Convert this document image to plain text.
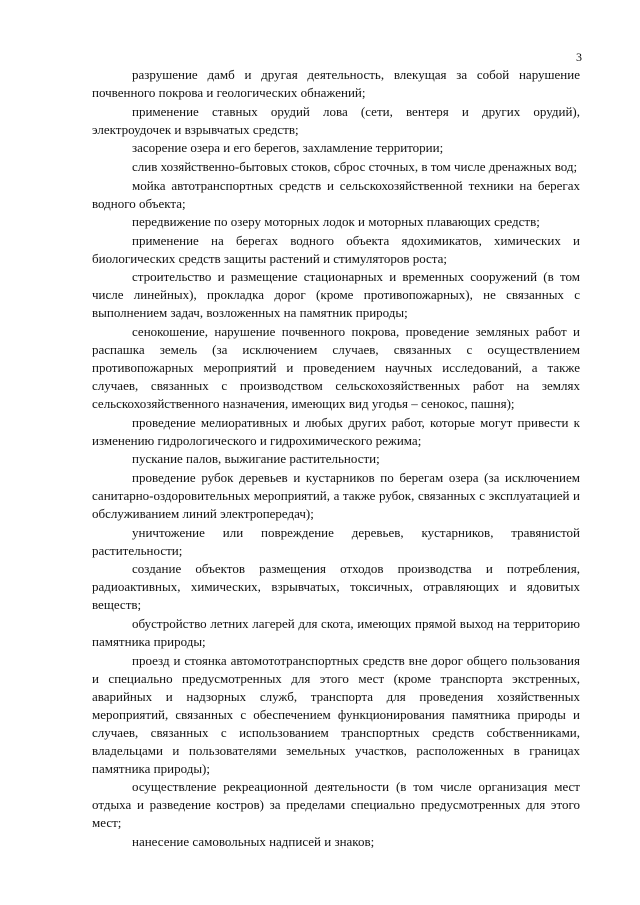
3

разрушение дамб и другая деятельность, влекущая за собой нарушение почвенного покрова и геологических обнажений;

применение ставных орудий лова (сети, вентеря и других орудий), электроудочек и взрывчатых средств;

засорение озера и его берегов, захламление территории;

слив хозяйственно-бытовых стоков, сброс сточных, в том числе дренажных вод;

мойка автотранспортных средств и сельскохозяйственной техники на берегах водного объекта;

передвижение по озеру моторных лодок и моторных плавающих средств;

применение на берегах водного объекта ядохимикатов, химических и биологических средств защиты растений и стимуляторов роста;

строительство и размещение стационарных и временных сооружений (в том числе линейных), прокладка дорог (кроме противопожарных), не связанных с выполнением задач, возложенных на памятник природы;

сенокошение, нарушение почвенного покрова, проведение земляных работ и распашка земель (за исключением случаев, связанных с осуществлением противопожарных мероприятий и проведением научных исследований, а также случаев, связанных с производством сельскохозяйственных работ на землях сельскохозяйственного назначения, имеющих вид угодья – сенокос, пашня);

проведение мелиоративных и любых других работ, которые могут привести к изменению гидрологического и гидрохимического режима;

пускание палов, выжигание растительности;

проведение рубок деревьев и кустарников по берегам озера (за исключением санитарно-оздоровительных мероприятий, а также рубок, связанных с эксплуатацией и обслуживанием линий электропередач);

уничтожение или повреждение деревьев, кустарников, травянистой растительности;

создание объектов размещения отходов производства и потребления, радиоактивных, химических, взрывчатых, токсичных, отравляющих и ядовитых веществ;

обустройство летних лагерей для скота, имеющих прямой выход на территорию памятника природы;

проезд и стоянка автомототранспортных средств вне дорог общего пользования и специально предусмотренных для этого мест (кроме транспорта экстренных, аварийных и надзорных служб, транспорта для проведения хозяйственных мероприятий, связанных с обеспечением функционирования памятника природы и случаев, связанных с использованием транспортных средств собственниками, владельцами и пользователями земельных участков, расположенных в границах памятника природы);

осуществление рекреационной деятельности (в том числе организация мест отдыха и разведение костров) за пределами специально предусмотренных для этого мест;

нанесение самовольных надписей и знаков;
